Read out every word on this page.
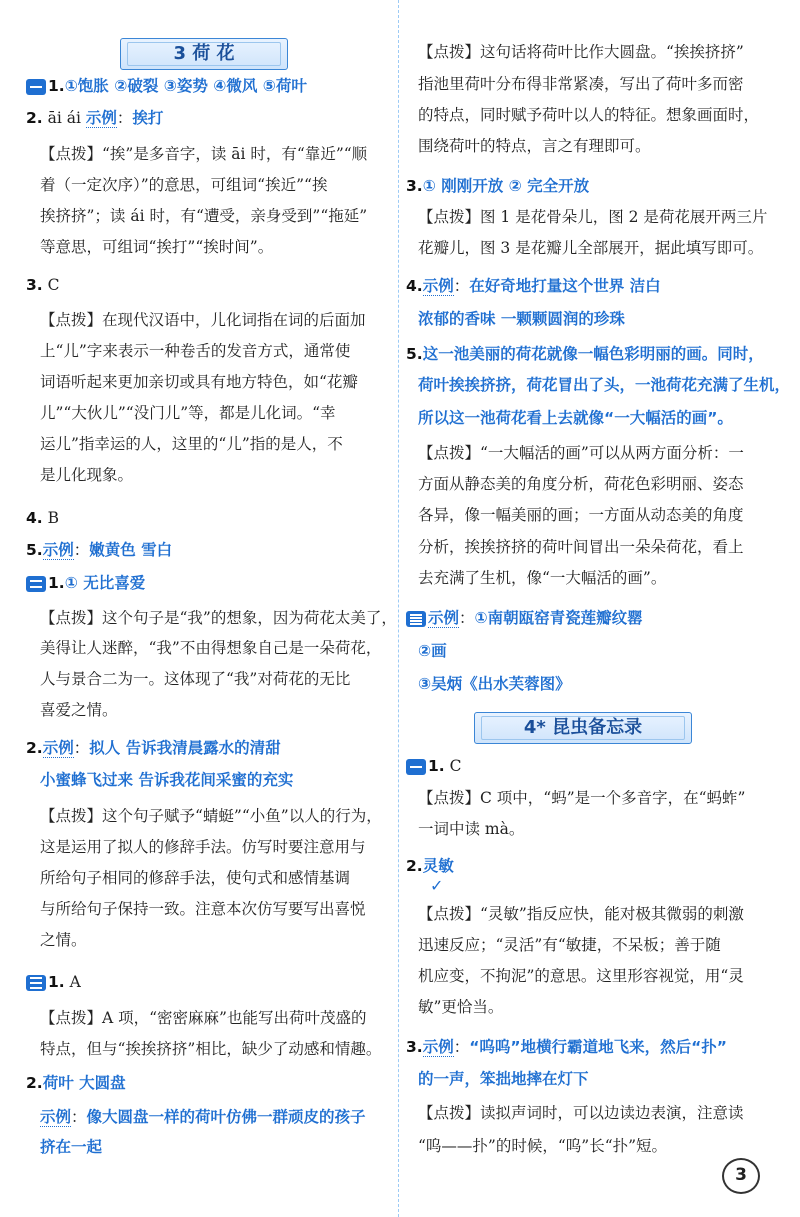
3 荷 花
1.①饱胀 ②破裂 ③姿势 ④微风 ⑤荷叶
2. āi ái 示例：挨打
【点拨】“挨”是多音字，读 āi 时，有“靠近”“顺
着（一定次序）”的意思，可组词“挨近”“挨
挨挤挤”；读 ái 时，有“遭受，亲身受到”“拖延”
等意思，可组词“挨打”“挨时间”。
3. C
【点拨】在现代汉语中，儿化词指在词的后面加
上“儿”字来表示一种卷舌的发音方式，通常使
词语听起来更加亲切或具有地方特色，如“花瓣
儿”“大伙儿”“没门儿”等，都是儿化词。“幸
运儿”指幸运的人，这里的“儿”指的是人，不
是儿化现象。
4. B
5.示例：嫩黄色 雪白
1.① 无比喜爱
【点拨】这个句子是“我”的想象，因为荷花太美了，
美得让人迷醉，“我”不由得想象自己是一朵荷花，
人与景合二为一。这体现了“我”对荷花的无比
喜爱之情。
2.示例：拟人 告诉我清晨露水的清甜
小蜜蜂飞过来 告诉我花间采蜜的充实
【点拨】这个句子赋予“蜻蜓”“小鱼”以人的行为，
这是运用了拟人的修辞手法。仿写时要注意用与
所给句子相同的修辞手法，使句式和感情基调
与所给句子保持一致。注意本次仿写要写出喜悦
之情。
1. A
【点拨】A 项，“密密麻麻”也能写出荷叶茂盛的
特点，但与“挨挨挤挤”相比，缺少了动感和情趣。
2.荷叶 大圆盘
示例：像大圆盘一样的荷叶仿佛一群顽皮的孩子
挤在一起
4* 昆虫备忘录
【点拨】这句话将荷叶比作大圆盘。“挨挨挤挤”
指池里荷叶分布得非常紧凑，写出了荷叶多而密
的特点，同时赋予荷叶以人的特征。想象画面时，
围绕荷叶的特点，言之有理即可。
3.① 刚刚开放 ② 完全开放
【点拨】图 1 是花骨朵儿，图 2 是荷花展开两三片
花瓣儿，图 3 是花瓣儿全部展开，据此填写即可。
4.示例：在好奇地打量这个世界 洁白
浓郁的香味 一颗颗圆润的珍珠
5.这一池美丽的荷花就像一幅色彩明丽的画。同时，
荷叶挨挨挤挤，荷花冒出了头，一池荷花充满了生机，
所以这一池荷花看上去就像“一大幅活的画”。
【点拨】“一大幅活的画”可以从两方面分析：一
方面从静态美的角度分析，荷花色彩明丽、姿态
各异，像一幅美丽的画；一方面从动态美的角度
分析，挨挨挤挤的荷叶间冒出一朵朵荷花，看上
去充满了生机，像“一大幅活的画”。
示例：①南朝瓯窑青瓷莲瓣纹罂
②画
③吴炳《出水芙蓉图》
1. C
【点拨】C 项中，“蚂”是一个多音字，在“蚂蚱”
一词中读 mà。
2.灵敏
【点拨】“灵敏”指反应快，能对极其微弱的刺激
迅速反应；“灵活”有“敏捷，不呆板；善于随
机应变，不拘泥”的意思。这里形容视觉，用“灵
敏”更恰当。
3.示例：“呜呜”地横行霸道地飞来，然后“扑”
的一声，笨拙地摔在灯下
【点拨】读拟声词时，可以边读边表演，注意读
“呜——扑”的时候，“呜”长“扑”短。
✓
3
